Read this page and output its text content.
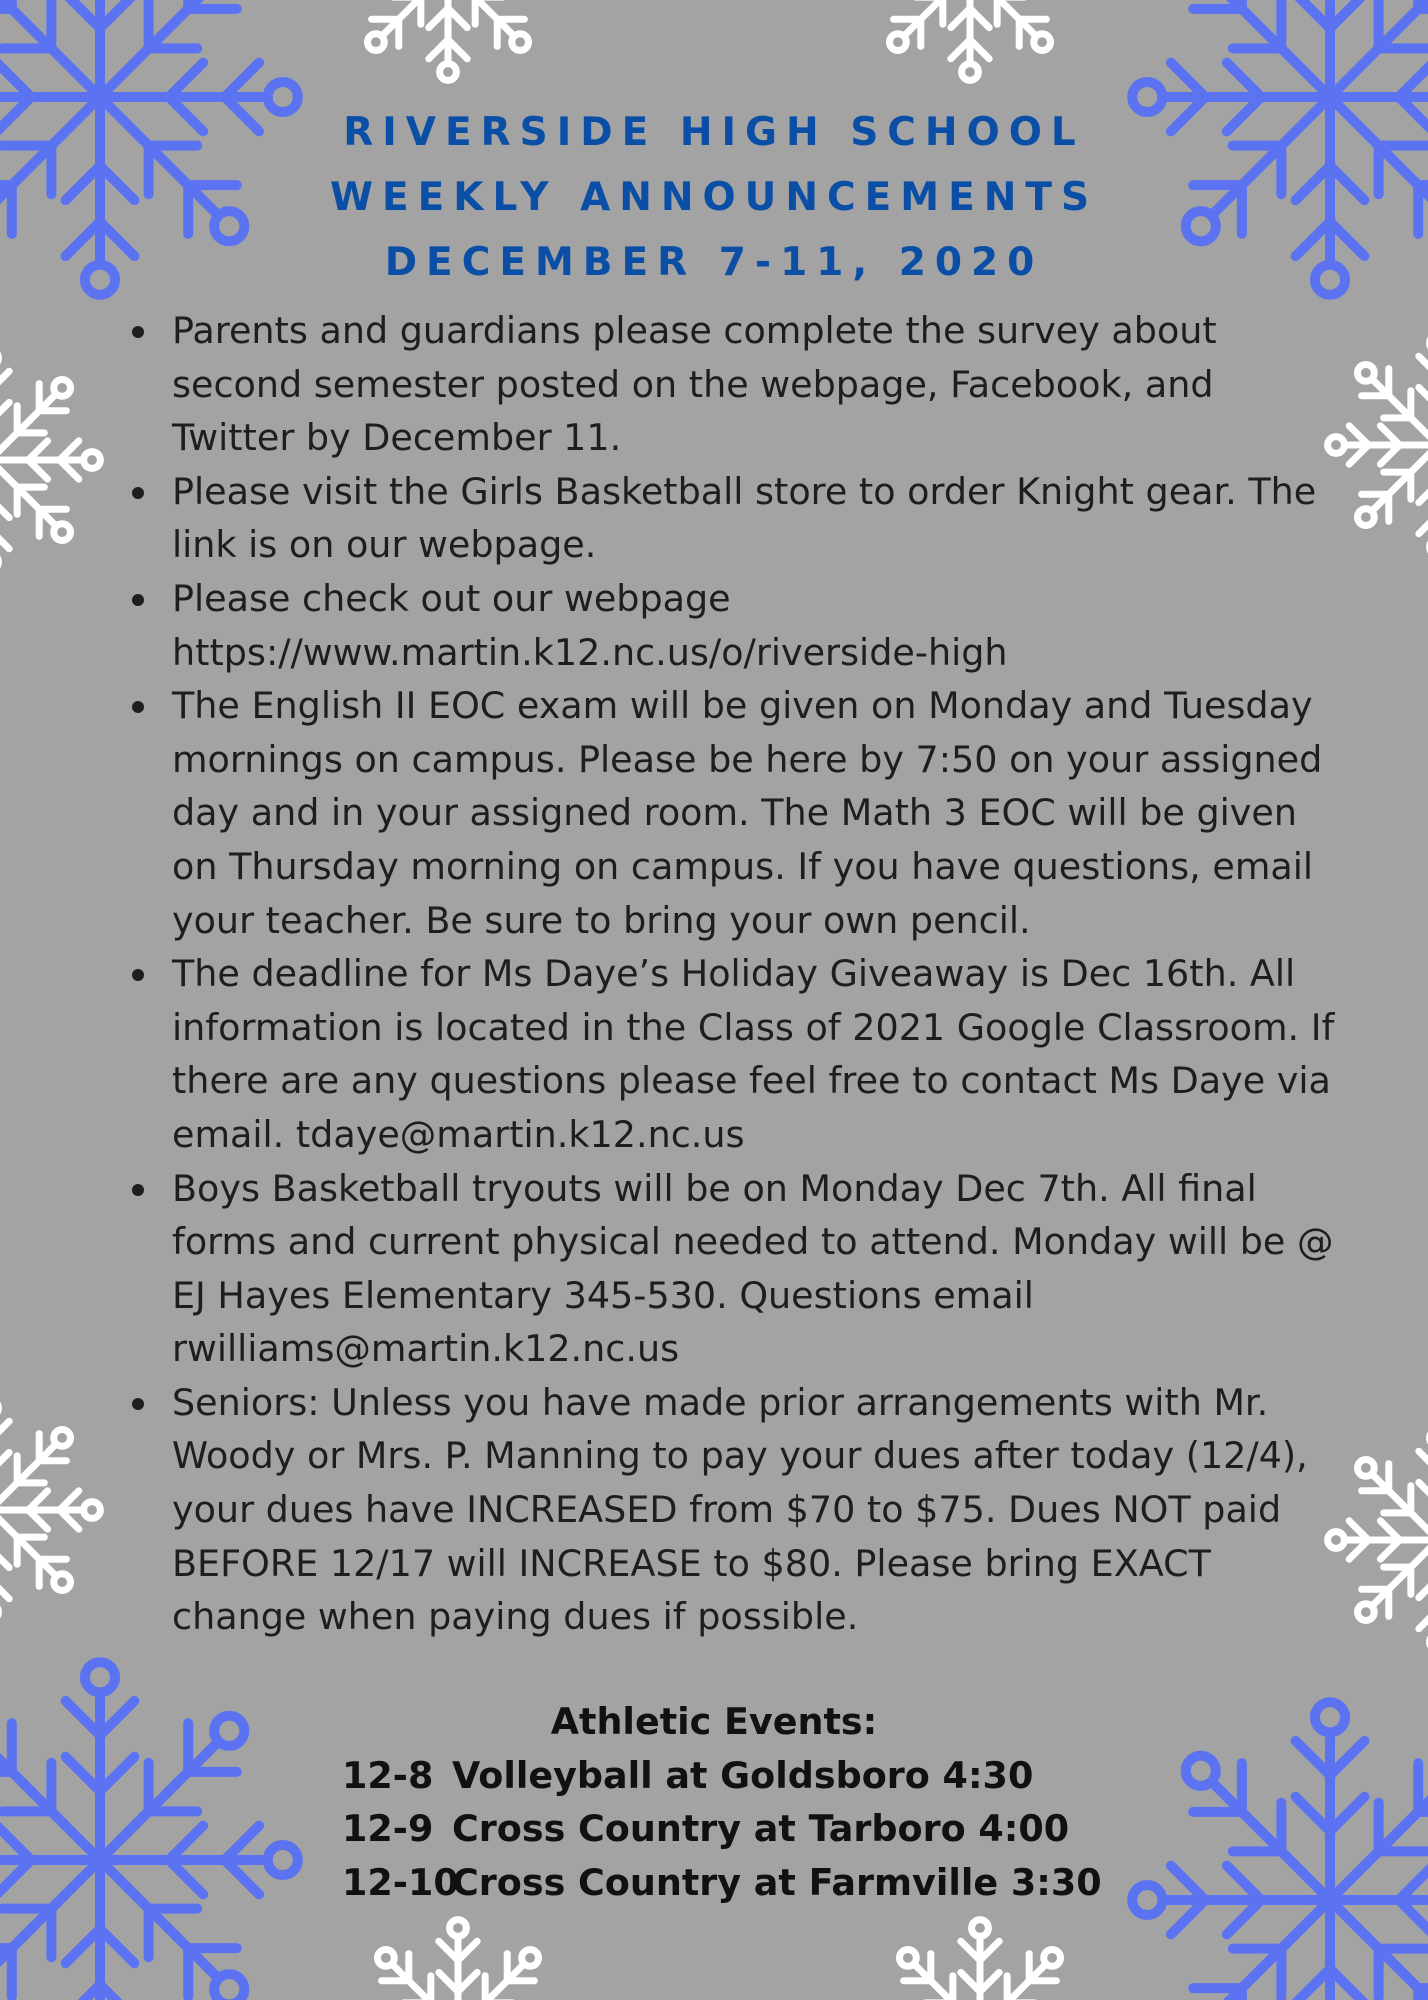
RIVERSIDE HIGH SCHOOL
WEEKLY ANNOUNCEMENTS
DECEMBER 7-11, 2020
Parents and guardians please complete the survey about second semester posted on the webpage, Facebook, and Twitter by December 11.
Please visit the Girls Basketball store to order Knight gear. The link is on our webpage.
Please check out our webpage https://www.martin.k12.nc.us/o/riverside-high
The English II EOC exam will be given on Monday and Tuesday mornings on campus. Please be here by 7:50 on your assigned day and in your assigned room. The Math 3 EOC will be given on Thursday morning on campus. If you have questions, email your teacher. Be sure to bring your own pencil.
The deadline for Ms Daye’s Holiday Giveaway is Dec 16th. All information is located in the Class of 2021 Google Classroom. If there are any questions please feel free to contact Ms Daye via email. tdaye@martin.k12.nc.us
Boys Basketball tryouts will be on Monday Dec 7th. All final forms and current physical needed to attend. Monday will be @ EJ Hayes Elementary 345-530. Questions email rwilliams@martin.k12.nc.us
Seniors: Unless you have made prior arrangements with Mr. Woody or Mrs. P. Manning to pay your dues after today (12/4), your dues have INCREASED from $70 to $75. Dues NOT paid BEFORE 12/17 will INCREASE to $80. Please bring EXACT change when paying dues if possible.
Athletic Events:
12-8 Volleyball at Goldsboro 4:30
12-9 Cross Country at Tarboro 4:00
12-10Cross Country at Farmville 3:30
